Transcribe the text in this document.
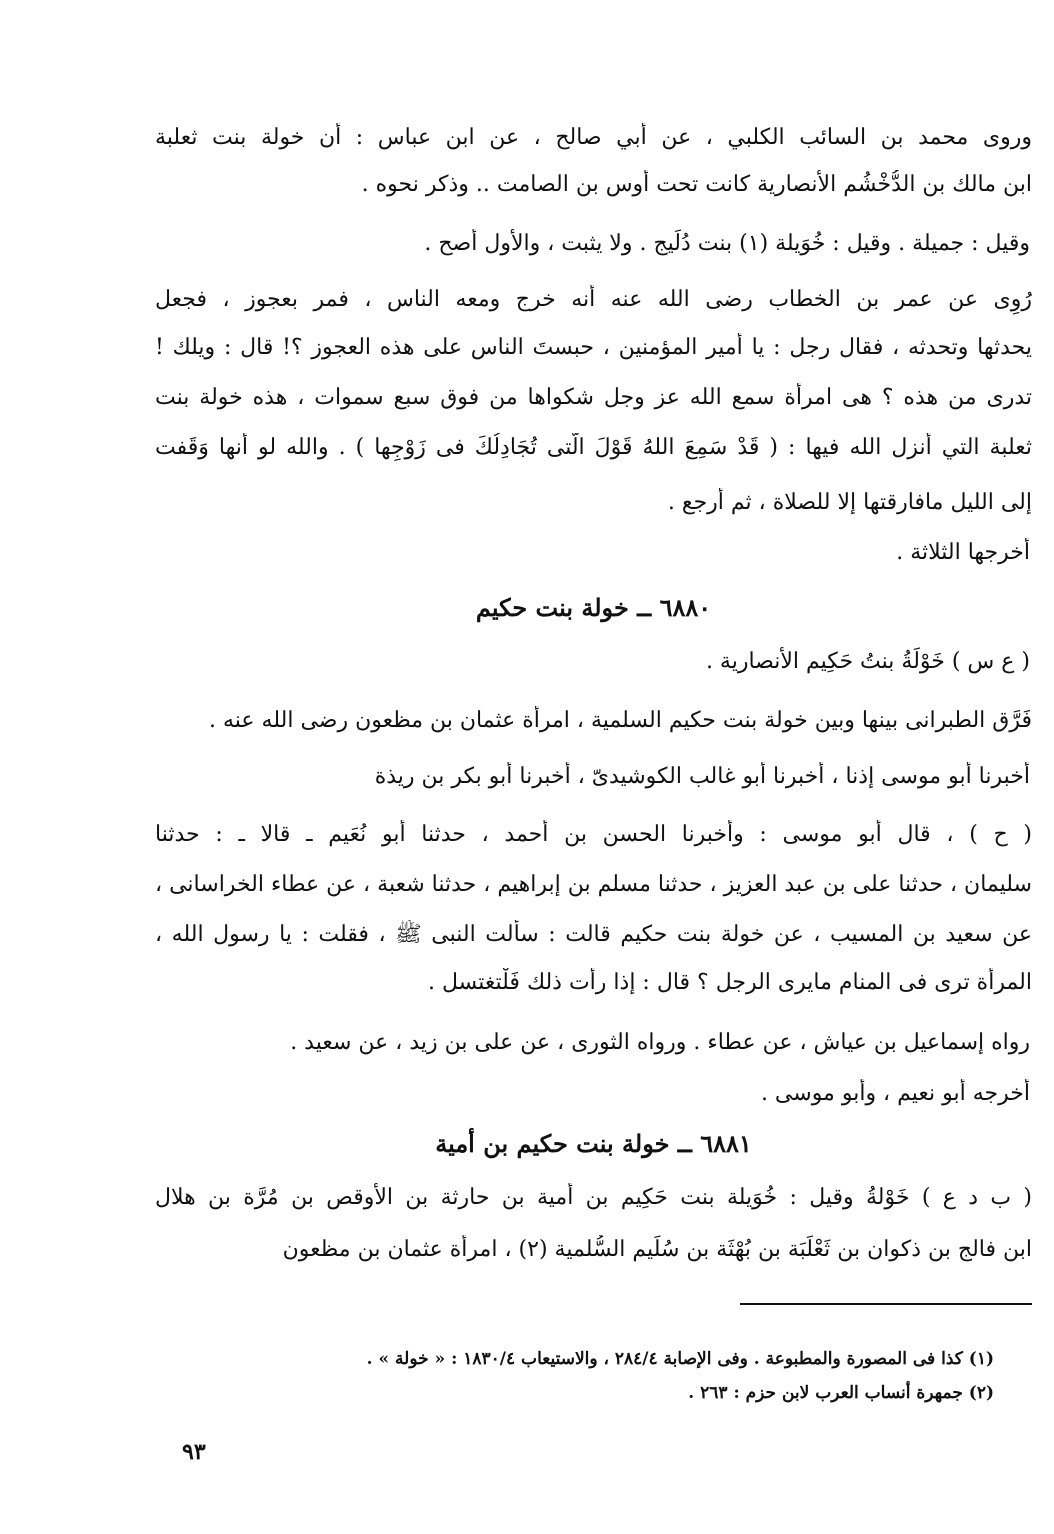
وروى محمد بن السائب الكلبي ، عن أبي صالح ، عن ابن عباس : أن خولة بنت ثعلبة
ابن مالك بن الدُّخْشُم الأنصارية كانت تحت أوس بن الصامت .. وذكر نحوه .
وقيل : جميلة . وقيل : خُوَيلة (١) بنت دُلَيج . ولا يثبت ، والأول أصح .
رُوِى عن عمر بن الخطاب رضى الله عنه أنه خرج ومعه الناس ، فمر بعجوز ، فجعل
يحدثها وتحدثه ، فقال رجل : يا أمير المؤمنين ، حبستَ الناس على هذه العجوز ؟! قال : ويلك !
تدرى من هذه ؟ هى امرأة سمع الله عز وجل شكواها من فوق سبع سموات ، هذه خولة بنت
ثعلبة التي أنزل الله فيها : ( قَدْ سَمِعَ اللهُ قَوْلَ الَّتى تُجَادِلُكَ فى زَوْجِها ) . والله لو أنها وَقَفت
إلى الليل مافارقتها إلا للصلاة ، ثم أرجع .
أخرجها الثلاثة .
٦٨٨٠ ــ خولة بنت حكيم
( ع س ) خَوْلَةُ بنتُ حَكِيم الأنصارية .
فَرَّق الطبرانى بينها وبين خولة بنت حكيم السلمية ، امرأة عثمان بن مظعون رضى الله عنه .
أخبرنا أبو موسى إذنا ، أخبرنا أبو غالب الكوشيدىّ ، أخبرنا أبو بكر بن ريذة
( ح ) ، قال أبو موسى : وأخبرنا الحسن بن أحمد ، حدثنا أبو نُعَيم ـ قالا ـ : حدثنا
سليمان ، حدثنا على بن عبد العزيز ، حدثنا مسلم بن إبراهيم ، حدثنا شعبة ، عن عطاء الخراسانى ،
عن سعيد بن المسيب ، عن خولة بنت حكيم قالت : سألت النبى ﷺ ، فقلت : يا رسول الله ،
المرأة ترى فى المنام مايرى الرجل ؟ قال : إذا رأت ذلك فَلْتغتسل .
رواه إسماعيل بن عياش ، عن عطاء . ورواه الثورى ، عن على بن زيد ، عن سعيد .
أخرجه أبو نعيم ، وأبو موسى .
٦٨٨١ ــ خولة بنت حكيم بن أمية
( ب د ع ) خَوْلةُ وقيل : خُوَيلة بنت حَكِيم بن أمية بن حارثة بن الأوقص بن مُرَّة بن هلال
ابن فالج بن ذكوان بن ثَعْلَبَة بن بُهْثَة بن سُلَيم السُّلمية (٢) ، امرأة عثمان بن مظعون
(١) كذا فى المصورة والمطبوعة . وفى الإصابة ٢٨٤/٤ ، والاستيعاب ١٨٣٠/٤ : « خولة » .
(٢) جمهرة أنساب العرب لابن حزم : ٢٦٣ .
٩٣
